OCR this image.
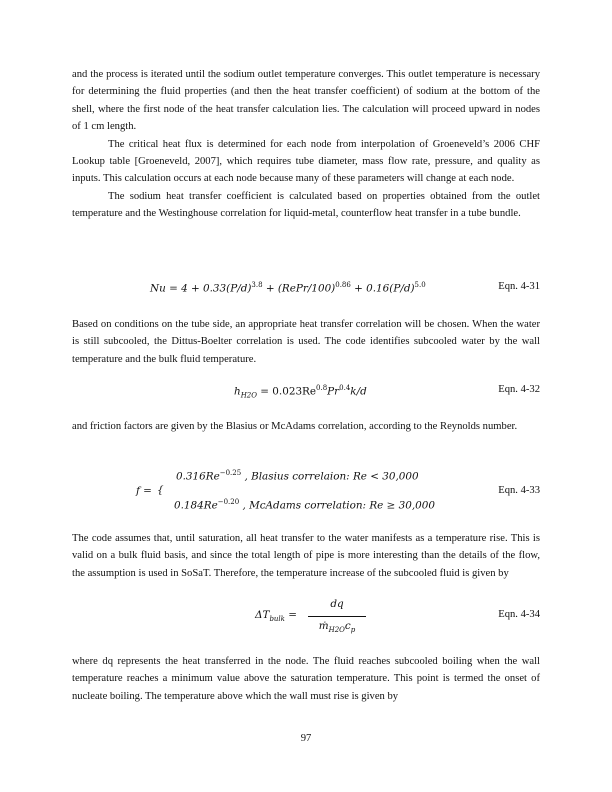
and the process is iterated until the sodium outlet temperature converges. This outlet temperature is necessary for determining the fluid properties (and then the heat transfer coefficient) of sodium at the bottom of the shell, where the first node of the heat transfer calculation lies. The calculation will proceed upward in nodes of 1 cm length.

The critical heat flux is determined for each node from interpolation of Groeneveld’s 2006 CHF Lookup table [Groeneveld, 2007], which requires tube diameter, mass flow rate, pressure, and quality as inputs. This calculation occurs at each node because many of these parameters will change at each node.

The sodium heat transfer coefficient is calculated based on properties obtained from the outlet temperature and the Westinghouse correlation for liquid-metal, counterflow heat transfer in a tube bundle.

$Nu = 4 + 0.33(P/d)^{3.8}$ + (RePr/100)$^{0.86}$ + $0.16(P/d)^{5.0}$	Eqn. 4-31

Based on conditions on the tube side, an appropriate heat transfer correlation will be chosen. When the water is still subcooled, the Dittus-Boelter correlation is used. The code identifies subcooled water by the wall temperature and the bulk fluid temperature.

$h_{H2O} = 0.023Re^{0.8}Pr^{0.4}k/d$	Eqn. 4-32

and friction factors are given by the Blasius or McAdams correlation, according to the Reynolds number.

f = {
$0.316Re^{-0.25}$ , Blasius correlaion: Re < 30,000
$0.184Re^{-0.20}$ , McAdams correlation: Re ≥ 30,000
Eqn. 4-33

The code assumes that, until saturation, all heat transfer to the water manifests as a temperature rise. This is valid on a bulk fluid basis, and since the total length of pipe is more interesting than the details of the flow, the assumption is used in SoSaT. Therefore, the temperature increase of the subcooled fluid is given by

$\Delta T_{bulk}$ =
dq
$ṁ_{H2O}c_p$
Eqn. 4-34

where dq represents the heat transferred in the node. The fluid reaches subcooled boiling when the wall temperature reaches a minimum value above the saturation temperature. This point is termed the onset of nucleate boiling. The temperature above which the wall must rise is given by

97
